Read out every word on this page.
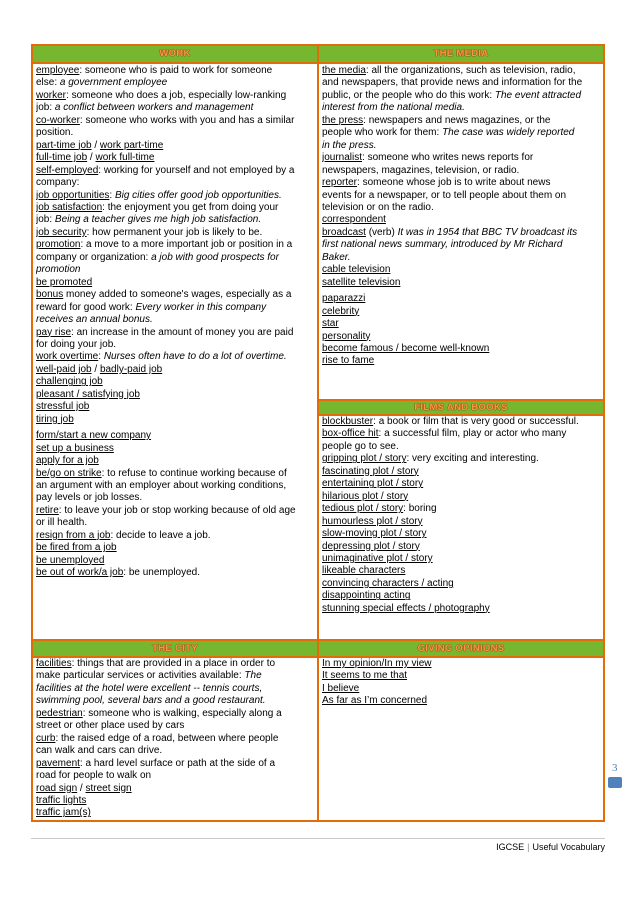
WORK	THE MEDIA
FILMS AND BOOKS
THE CITY	GIVING OPINIONS
employee: someone who is paid to work for someone
else: a government employee
worker: someone who does a job, especially low-ranking
job: a conflict between workers and management
co-worker: someone who works with you and has a similar
position.
part-time job / work part-time
full-time job / work full-time
self-employed: working for yourself and not employed by a
company:
job opportunities: Big cities offer good job opportunities.
job satisfaction: the enjoyment you get from doing your
job: Being a teacher gives me high job satisfaction.
job security: how permanent your job is likely to be.
promotion: a move to a more important job or position in a
company or organization: a job with good prospects for
promotion
be promoted
bonus money added to someone's wages, especially as a
reward for good work: Every worker in this company
receives an annual bonus.
pay rise: an increase in the amount of money you are paid
for doing your job.
work overtime: Nurses often have to do a lot of overtime.
well-paid job / badly-paid job
challenging job
pleasant / satisfying job
stressful job
tiring job
form/start a new company
set up a business
apply for a job
be/go on strike: to refuse to continue working because of
an argument with an employer about working conditions,
pay levels or job losses.
retire: to leave your job or stop working because of old age
or ill health.
resign from a job: decide to leave a job.
be fired from a job
be unemployed
be out of work/a job: be unemployed.
the media: all the organizations, such as television, radio,
and newspapers, that provide news and information for the
public, or the people who do this work: The event attracted
interest from the national media.
the press: newspapers and news magazines, or the
people who work for them: The case was widely reported
in the press.
journalist: someone who writes news reports for
newspapers, magazines, television, or radio.
reporter: someone whose job is to write about news
events for a newspaper, or to tell people about them on
television or on the radio.
correspondent
broadcast (verb) It was in 1954 that BBC TV broadcast its
first national news summary, introduced by Mr Richard
Baker.
cable television
satellite television
paparazzi
celebrity
star
personality
become famous / become well-known
rise to fame
blockbuster: a book or film that is very good or successful.
box-office hit: a successful film, play or actor who many
people go to see.
gripping plot / story: very exciting and interesting.
fascinating plot / story
entertaining plot / story
hilarious plot / story
tedious plot / story: boring
humourless plot / story
slow-moving plot / story
depressing plot / story
unimaginative plot / story
likeable characters
convincing characters / acting
disappointing acting
stunning special effects / photography
facilities: things that are provided in a place in order to
make particular services or activities available: The
facilities at the hotel were excellent -- tennis courts,
swimming pool, several bars and a good restaurant.
pedestrian: someone who is walking, especially along a
street or other place used by cars
curb: the raised edge of a road, between where people
can walk and cars can drive.
pavement: a hard level surface or path at the side of a
road for people to walk on
road sign / street sign
traffic lights
traffic jam(s)
In my opinion/In my view
It seems to me that
I believe
As far as I’m concerned
3
IGCSE | Useful Vocabulary
